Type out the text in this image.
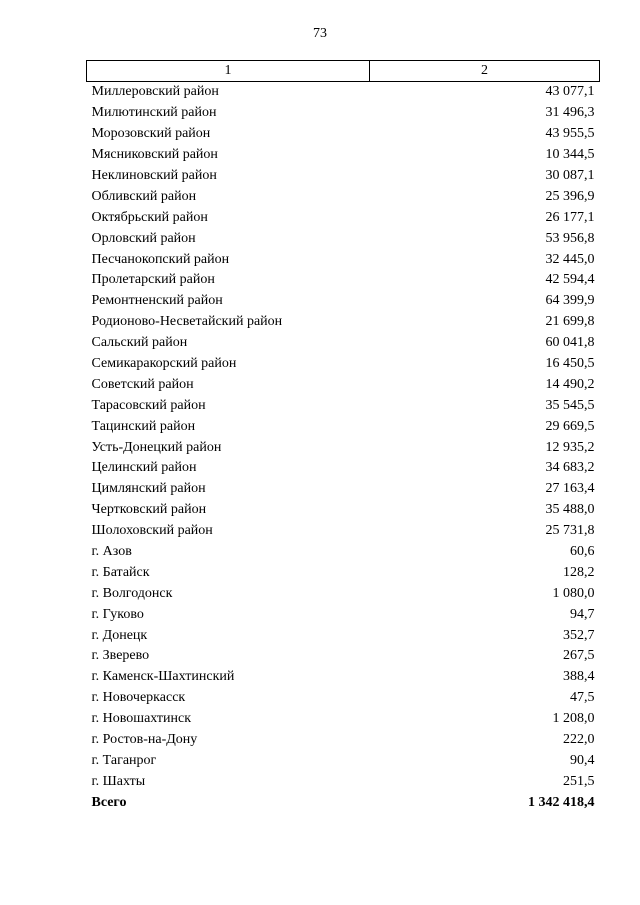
73
1	2
Миллеровский район	43 077,1
Милютинский район	31 496,3
Морозовский район	43 955,5
Мясниковский район	10 344,5
Неклиновский район	30 087,1
Обливский район	25 396,9
Октябрьский район	26 177,1
Орловский район	53 956,8
Песчанокопский район	32 445,0
Пролетарский район	42 594,4
Ремонтненский район	64 399,9
Родионово-Несветайский район	21 699,8
Сальский район	60 041,8
Семикаракорский район	16 450,5
Советский район	14 490,2
Тарасовский район	35 545,5
Тацинский район	29 669,5
Усть-Донецкий район	12 935,2
Целинский район	34 683,2
Цимлянский район	27 163,4
Чертковский район	35 488,0
Шолоховский район	25 731,8
г. Азов	60,6
г. Батайск	128,2
г. Волгодонск	1 080,0
г. Гуково	94,7
г. Донецк	352,7
г. Зверево	267,5
г. Каменск-Шахтинский	388,4
г. Новочеркасск	47,5
г. Новошахтинск	1 208,0
г. Ростов-на-Дону	222,0
г. Таганрог	90,4
г. Шахты	251,5
Всего	1 342 418,4
